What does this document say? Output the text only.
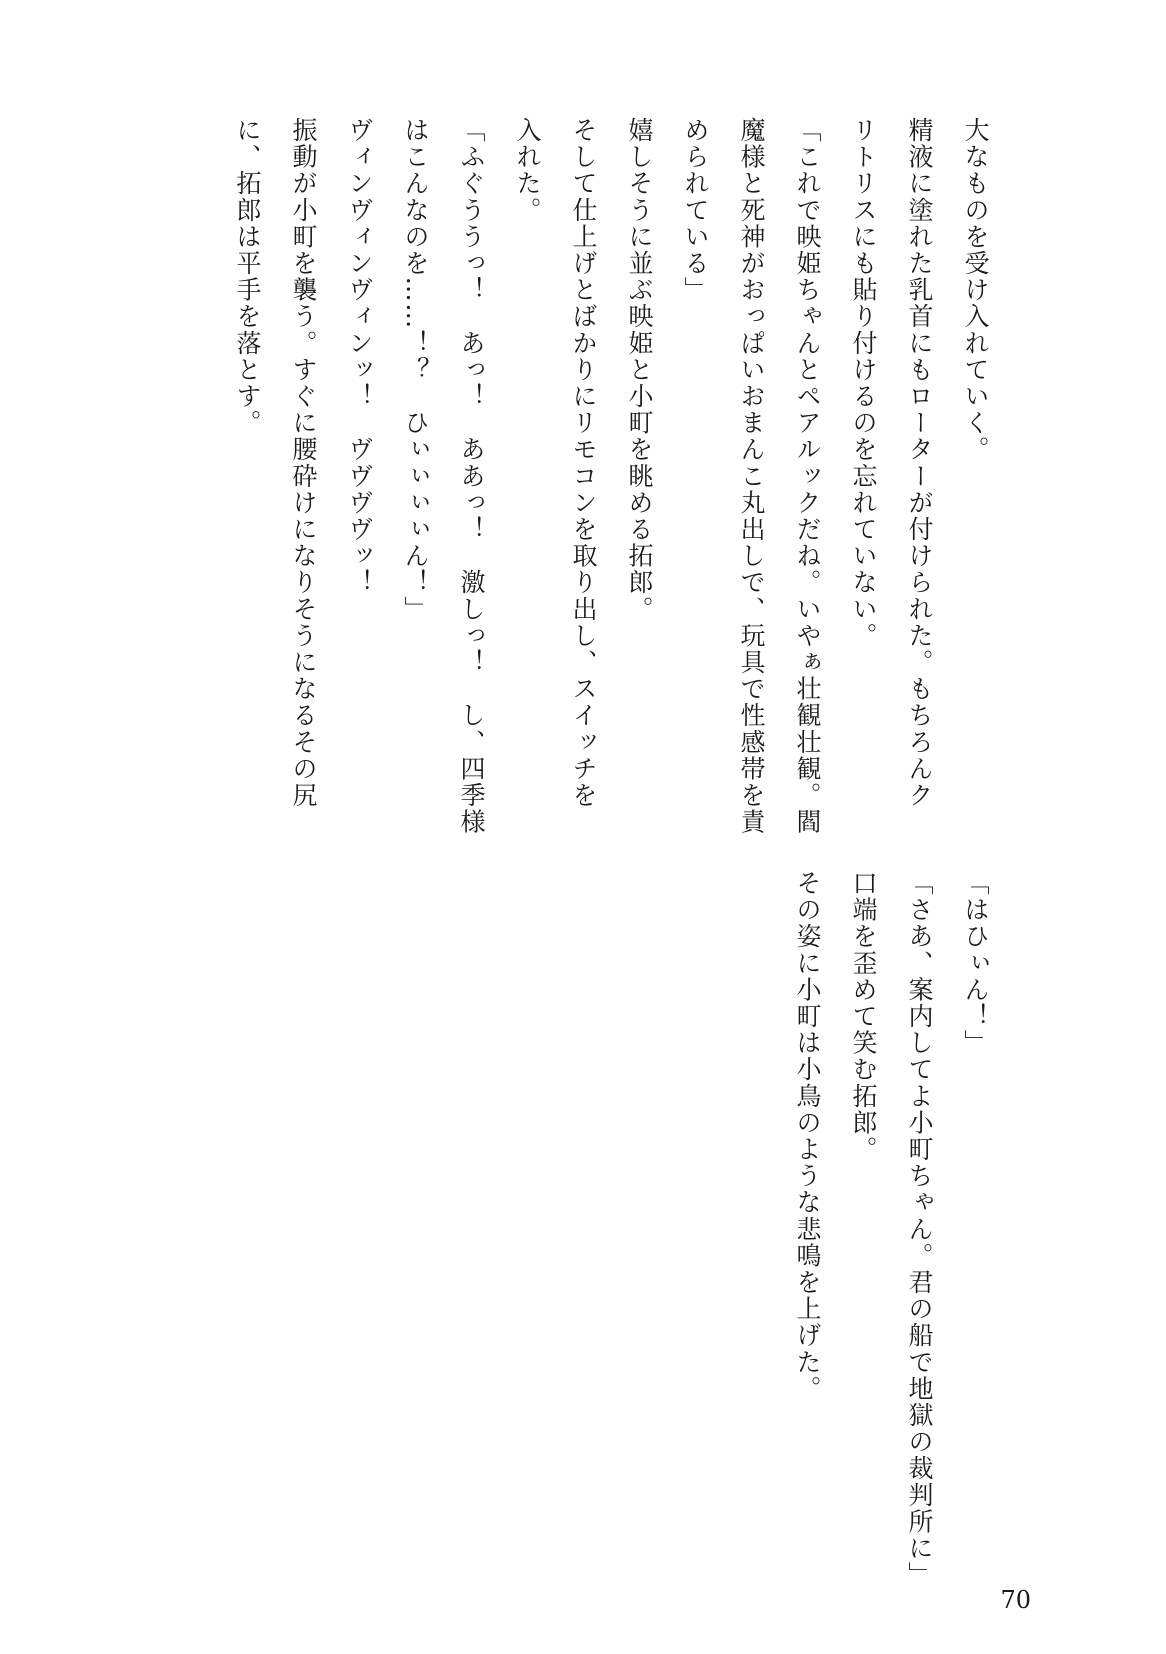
大なものを受け入れていく。

精液に塗れた乳首にもローターが付けられた。もちろんク

リトリスにも貼り付けるのを忘れていない。

「これで映姫ちゃんとペアルックだね。いやぁ壮観壮観。閻

魔様と死神がおっぱいおまんこ丸出しで、玩具で性感帯を責

められている」

嬉しそうに並ぶ映姫と小町を眺める拓郎。

そして仕上げとばかりにリモコンを取り出し、スイッチを

入れた。

「ふぐううっ！　あっ！　ああっ！　激しっ！　し、四季様

はこんなのを……！？　ひぃぃぃぃん！」

ヴィンヴィンヴィンッ！　ヴヴヴヴッ！

振動が小町を襲う。すぐに腰砕けになりそうになるその尻

に、拓郎は平手を落とす。

「はひぃん！」

「さあ、案内してよ小町ちゃん。君の船で地獄の裁判所に」

口端を歪めて笑む拓郎。

その姿に小町は小鳥のような悲鳴を上げた。

70
